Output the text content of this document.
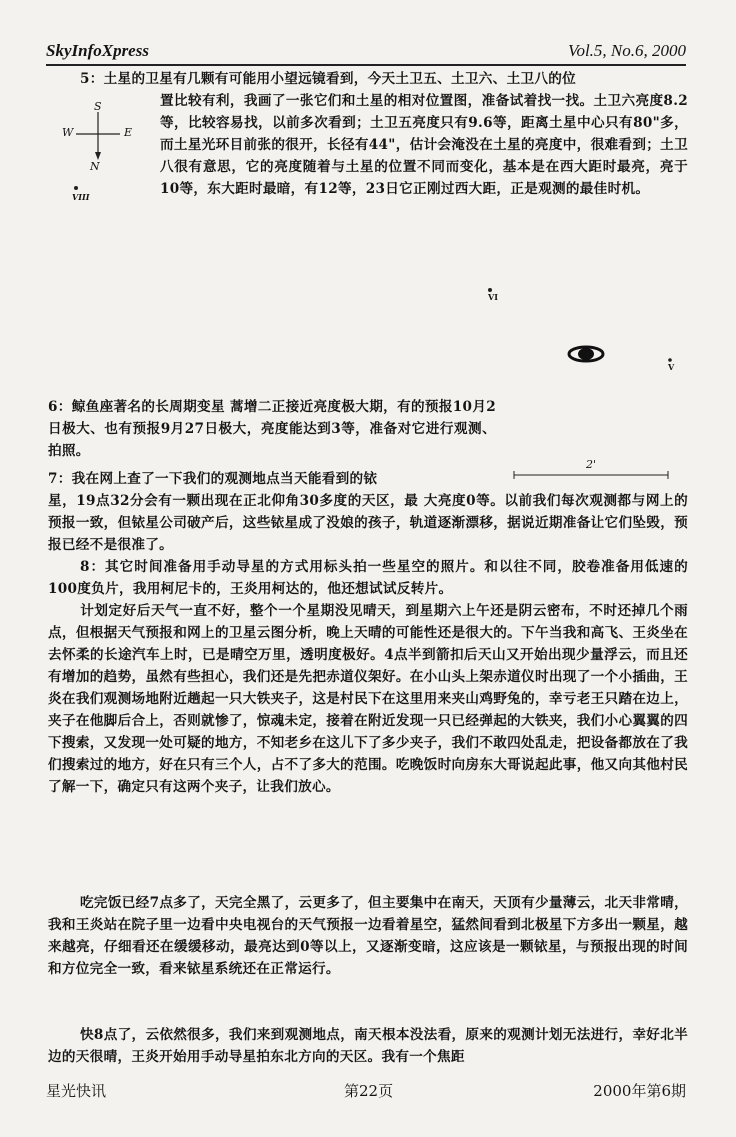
SkyInfoXpress	Vol.5, No.6, 2000
5：土星的卫星有几颗有可能用小望远镜看到，今天土卫五、土卫六、土卫八的位
置比较有利，我画了一张它们和土星的相对位置图，准备试着找一找。土卫六亮度8.2等，比较容易找，以前多次看到；土卫五亮度只有9.6等，距离土星中心只有80"多，而土星光环目前张的很开，长径有44"，估计会淹没在土星的亮度中，很难看到；土卫八很有意思，它的亮度随着与土星的位置不同而变化，基本是在西大距时最亮，亮于10等，东大距时最暗，有12等，23日它正刚过西大距，正是观测的最佳时机。
S
W	E
N
VIII
VI
V
2'
6：鲸鱼座著名的长周期变星 蒿增二正接近亮度极大期，有的预报10月2日极大、也有预报9月27日极大，亮度能达到3等，准备对它进行观测、拍照。
7：我在网上查了一下我们的观测地点当天能看到的铱
星，19点32分会有一颗出现在正北仰角30多度的天区，最 大亮度0等。以前我们每次观测都与网上的预报一致，但铱星公司破产后，这些铱星成了没娘的孩子，轨道逐渐漂移，据说近期准备让它们坠毁，预报已经不是很准了。
8：其它时间准备用手动导星的方式用标头拍一些星空的照片。和以往不同，胶卷准备用低速的100度负片，我用柯尼卡的，王炎用柯达的，他还想试试反转片。
计划定好后天气一直不好，整个一个星期没见晴天，到星期六上午还是阴云密布，不时还掉几个雨点，但根据天气预报和网上的卫星云图分析，晚上天晴的可能性还是很大的。下午当我和高飞、王炎坐在去怀柔的长途汽车上时，已是晴空万里，透明度极好。4点半到箭扣后天山又开始出现少量浮云，而且还有增加的趋势，虽然有些担心，我们还是先把赤道仪架好。在小山头上架赤道仪时出现了一个小插曲，王炎在我们观测场地附近趟起一只大铁夹子，这是村民下在这里用来夹山鸡野兔的，幸亏老王只踏在边上，夹子在他脚后合上，否则就惨了，惊魂未定，接着在附近发现一只已经弹起的大铁夹，我们小心翼翼的四下搜索，又发现一处可疑的地方，不知老乡在这儿下了多少夹子，我们不敢四处乱走，把设备都放在了我们搜索过的地方，好在只有三个人，占不了多大的范围。吃晚饭时向房东大哥说起此事，他又向其他村民了解一下，确定只有这两个夹子，让我们放心。
吃完饭已经7点多了，天完全黑了，云更多了，但主要集中在南天，天顶有少量薄云，北天非常晴，我和王炎站在院子里一边看中央电视台的天气预报一边看着星空，猛然间看到北极星下方多出一颗星，越来越亮，仔细看还在缓缓移动，最亮达到0等以上，又逐渐变暗，这应该是一颗铱星，与预报出现的时间和方位完全一致，看来铱星系统还在正常运行。
快8点了，云依然很多，我们来到观测地点，南天根本没法看，原来的观测计划无法进行，幸好北半边的天很晴，王炎开始用手动导星拍东北方向的天区。我有一个焦距
星光快讯	第22页	2000年第6期
